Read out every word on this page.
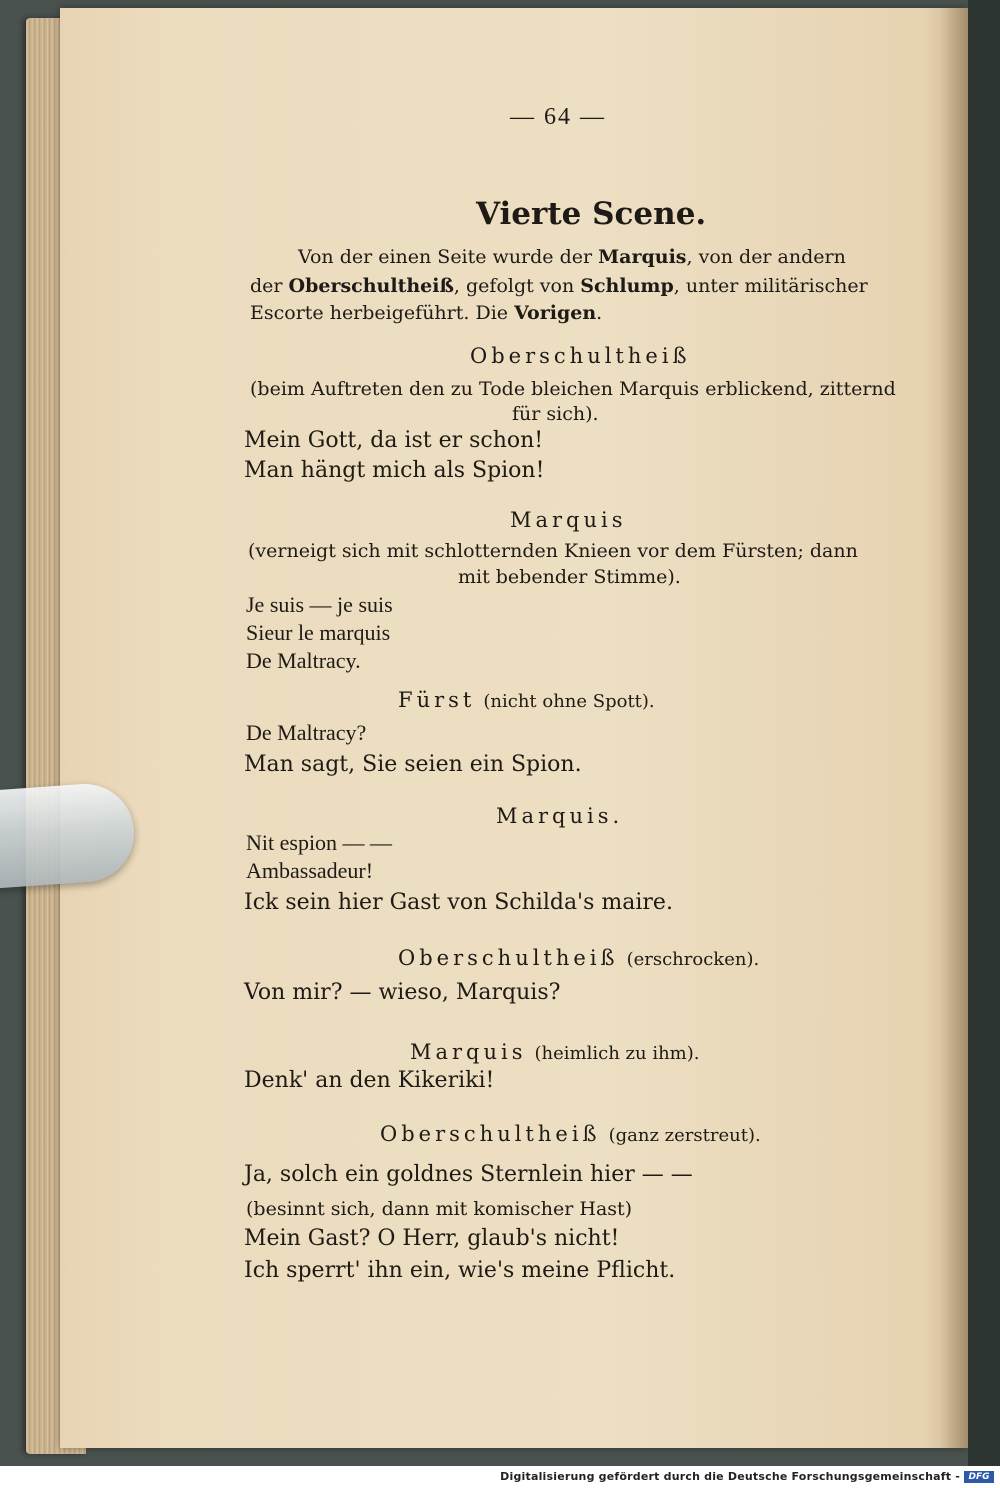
— 64 —
Vierte Scene.
Von der einen Seite wurde der Marquis, von der andern
der Oberschultheiß, gefolgt von Schlump, unter militärischer
Escorte herbeigeführt. Die Vorigen.
Oberschultheiß
(beim Auftreten den zu Tode bleichen Marquis erblickend, zitternd
für sich).
Mein Gott, da ist er schon!
Man hängt mich als Spion!
Marquis
(verneigt sich mit schlotternden Knieen vor dem Fürsten; dann
mit bebender Stimme).
Je suis — je suis
Sieur le marquis
De Maltracy.
Fürst (nicht ohne Spott).
De Maltracy?
Man sagt, Sie seien ein Spion.
Marquis.
Nit espion — —
Ambassadeur!
Ick sein hier Gast von Schilda's maire.
Oberschultheiß (erschrocken).
Von mir? — wieso, Marquis?
Marquis (heimlich zu ihm).
Denk' an den Kikeriki!
Oberschultheiß (ganz zerstreut).
Ja, solch ein goldnes Sternlein hier — —
(besinnt sich, dann mit komischer Hast)
Mein Gast? O Herr, glaub's nicht!
Ich sperrt' ihn ein, wie's meine Pflicht.
Digitalisierung gefördert durch die Deutsche Forschungsgemeinschaft - DFG
